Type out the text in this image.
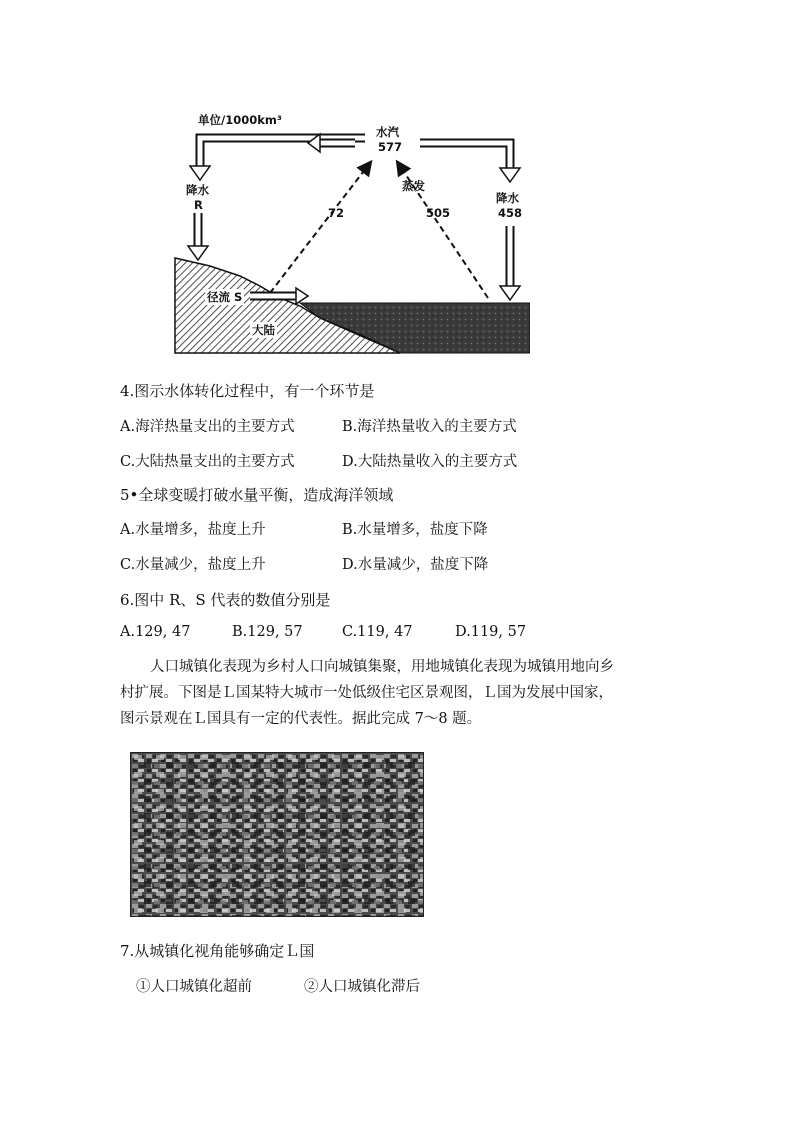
单位/1000km³
水汽
577
降水
R	降水
458
蒸发
72	505
径流 S
大陆
4.图示水体转化过程中，有一个环节是
A.海洋热量支出的主要方式	B.海洋热量收入的主要方式
C.大陆热量支出的主要方式	D.大陆热量收入的主要方式
5•全球变暖打破水量平衡，造成海洋领域
A.水量增多，盐度上升	B.水量增多，盐度下降
C.水量减少，盐度上升	D.水量减少，盐度下降
6.图中 R、S 代表的数值分别是
A.129, 47	B.129, 57	C.119, 47	D.119, 57

人口城镇化表现为乡村人口向城镇集聚，用地城镇化表现为城镇用地向乡

村扩展。下图是Ｌ国某特大城市一处低级住宅区景观图，Ｌ国为发展中国家，
图示景观在Ｌ国具有一定的代表性。据此完成 7～8 题。
7.从城镇化视角能够确定Ｌ国
①人口城镇化超前	②人口城镇化滞后
